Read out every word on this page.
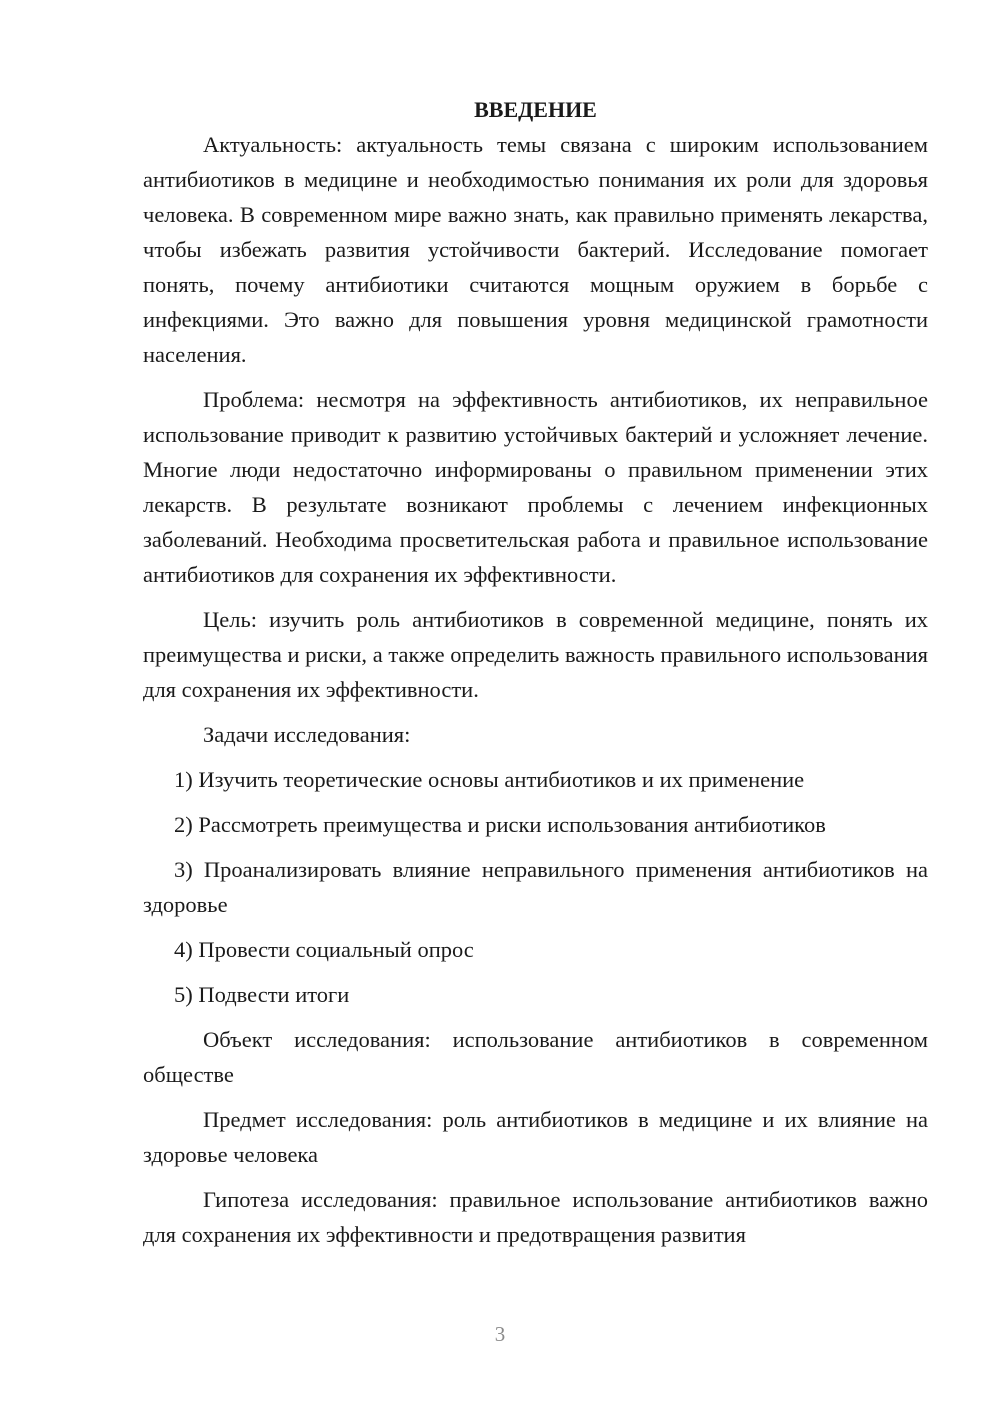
ВВЕДЕНИЕ

Актуальность: актуальность темы связана с широким использованием антибиотиков в медицине и необходимостью понимания их роли для здоровья человека. В современном мире важно знать, как правильно применять лекарства, чтобы избежать развития устойчивости бактерий. Исследование помогает понять, почему антибиотики считаются мощным оружием в борьбе с инфекциями. Это важно для повышения уровня медицинской грамотности населения.

Проблема: несмотря на эффективность антибиотиков, их неправильное использование приводит к развитию устойчивых бактерий и усложняет лечение. Многие люди недостаточно информированы о правильном применении этих лекарств. В результате возникают проблемы с лечением инфекционных заболеваний. Необходима просветительская работа и правильное использование антибиотиков для сохранения их эффективности.

Цель: изучить роль антибиотиков в современной медицине, понять их преимущества и риски, а также определить важность правильного использования для сохранения их эффективности.

Задачи исследования:

1) Изучить теоретические основы антибиотиков и их применение

2) Рассмотреть преимущества и риски использования антибиотиков

3) Проанализировать влияние неправильного применения антибиотиков на здоровье

4) Провести социальный опрос

5) Подвести итоги

Объект исследования: использование антибиотиков в современном обществе

Предмет исследования: роль антибиотиков в медицине и их влияние на здоровье человека

Гипотеза исследования: правильное использование антибиотиков важно для сохранения их эффективности и предотвращения развития

3
